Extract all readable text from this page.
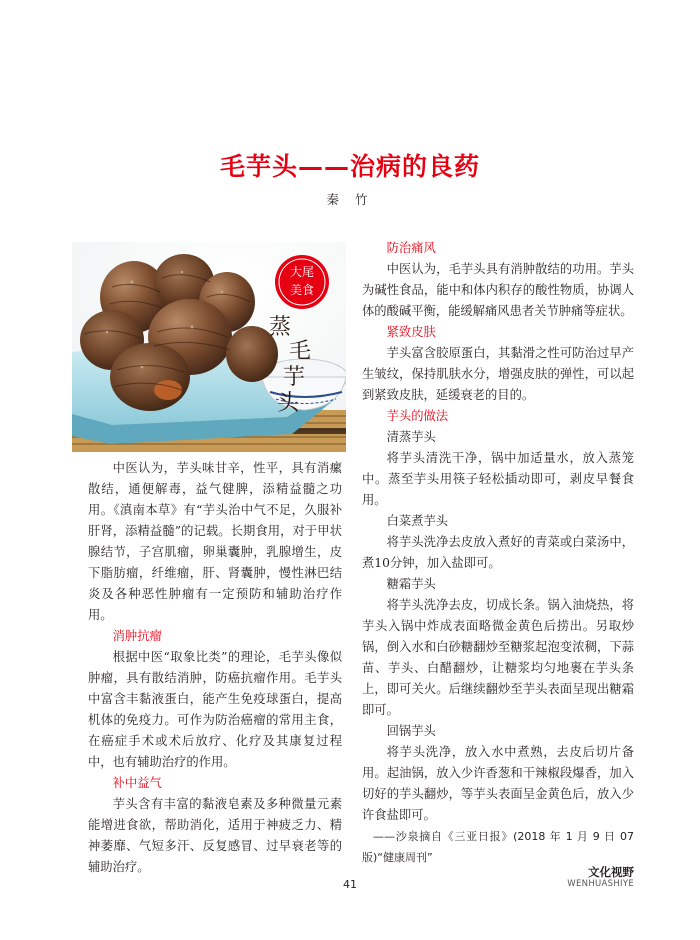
毛芋头——治病的良药
秦 竹
大尾
美食
蒸
毛
芋
头

中医认为，芋头味甘辛，性平，具有消瘰散结，通便解毒，益气健脾，添精益髓之功用。《滇南本草》有“芋头治中气不足，久服补肝肾，添精益髓”的记载。长期食用，对于甲状腺结节，子宫肌瘤，卵巢囊肿，乳腺增生，皮下脂肪瘤，纤维瘤，肝、肾囊肿，慢性淋巴结炎及各种恶性肿瘤有一定预防和辅助治疗作用。

消肿抗瘤

根据中医“取象比类”的理论，毛芋头像似肿瘤，具有散结消肿，防癌抗瘤作用。毛芋头中富含丰黏液蛋白，能产生免疫球蛋白，提高机体的免疫力。可作为防治癌瘤的常用主食，在癌症手术或术后放疗、化疗及其康复过程中，也有辅助治疗的作用。

补中益气

芋头含有丰富的黏液皂素及多种微量元素能增进食欲，帮助消化，适用于神疲乏力、精神萎靡、气短多汗、反复感冒、过早衰老等的辅助治疗。

防治痛风

中医认为，毛芋头具有消肿散结的功用。芋头为碱性食品，能中和体内积存的酸性物质，协调人体的酸碱平衡，能缓解痛风患者关节肿痛等症状。

紧致皮肤

芋头富含胶原蛋白，其黏滑之性可防治过早产生皱纹，保持肌肤水分，增强皮肤的弹性，可以起到紧致皮肤，延缓衰老的目的。

芋头的做法
清蒸芋头

将芋头清洗干净，锅中加适量水，放入蒸笼中。蒸至芋头用筷子轻松插动即可，剥皮早餐食用。

白菜煮芋头

将芋头洗净去皮放入煮好的青菜或白菜汤中，煮10分钟，加入盐即可。

糖霜芋头

将芋头洗净去皮，切成长条。锅入油烧热，将芋头入锅中炸成表面略微金黄色后捞出。另取炒锅，倒入水和白砂糖翻炒至糖浆起泡变浓稠，下蒜苗、芋头、白醋翻炒，让糖浆均匀地裹在芋头条上，即可关火。后继续翻炒至芋头表面呈现出糖霜即可。

回锅芋头

将芋头洗净，放入水中煮熟，去皮后切片备用。起油锅，放入少许香葱和干辣椒段爆香，加入切好的芋头翻炒，等芋头表面呈金黄色后，放入少许食盐即可。

——沙泉摘自《三亚日报》(2018 年 1 月 9 日 07 版)“健康周刊”

41
文化视野
WENHUASHIYE
